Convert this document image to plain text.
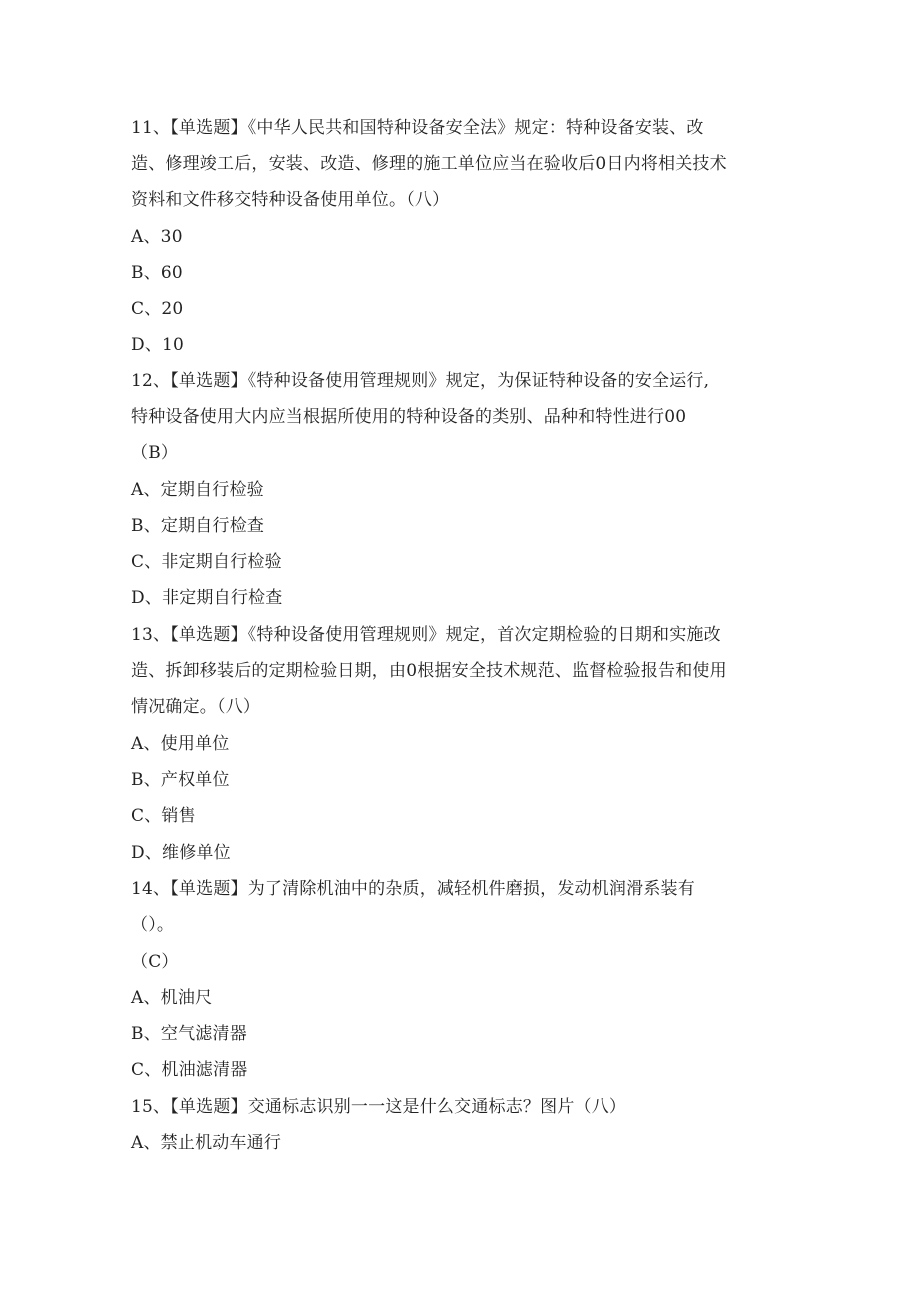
11、【单选题】《中华人民共和国特种设备安全法》规定：特种设备安装、改
造、修理竣工后，安装、改造、修理的施工单位应当在验收后0日内将相关技术
资料和文件移交特种设备使用单位。（八）
A、30
B、60
C、20
D、10
12、【单选题】《特种设备使用管理规则》规定，为保证特种设备的安全运行,
特种设备使用大内应当根据所使用的特种设备的类别、品种和特性进行00
（B）
A、定期自行检验
B、定期自行检查
C、非定期自行检验
D、非定期自行检查
13、【单选题】《特种设备使用管理规则》规定，首次定期检验的日期和实施改
造、拆卸移装后的定期检验日期，由0根据安全技术规范、监督检验报告和使用
情况确定。（八）
A、使用单位
B、产权单位
C、销售
D、维修单位
14、【单选题】为了清除机油中的杂质，减轻机件磨损，发动机润滑系装有
（）。
（C）
A、机油尺
B、空气滤清器
C、机油滤清器
15、【单选题】交通标志识别一一这是什么交通标志？图片（八）
A、禁止机动车通行
